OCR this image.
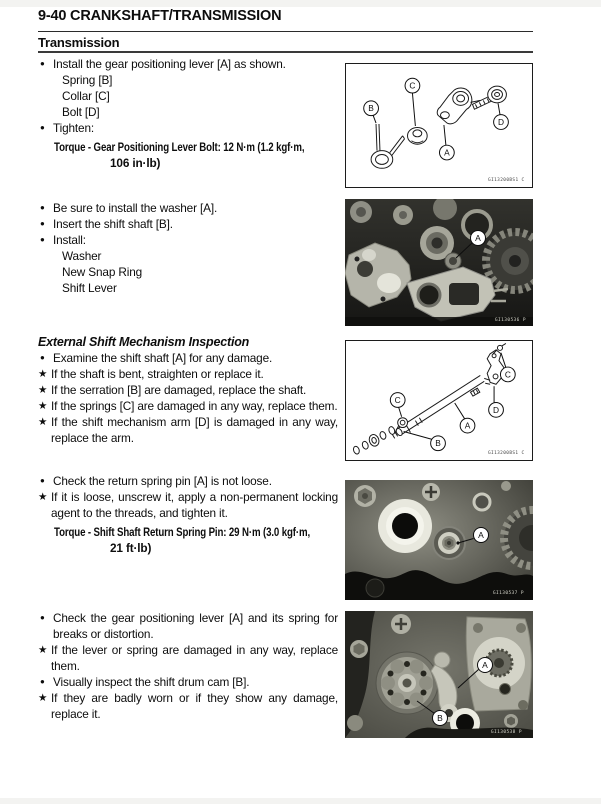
9-40 CRANKSHAFT/TRANSMISSION
Transmission
● Install the gear positioning lever [A] as shown.
Spring [B]
Collar [C]
Bolt [D]
● Tighten:
Torque - Gear Positioning Lever Bolt: 12 N·m (1.2 kgf·m,
106 in·lb)
● Be sure to install the washer [A].
● Insert the shift shaft [B].
● Install:
Washer
New Snap Ring
Shift Lever
External Shift Mechanism Inspection
● Examine the shift shaft [A] for any damage.
★ If the shaft is bent, straighten or replace it.
★ If the serration [B] are damaged, replace the shaft.
★ If the springs [C] are damaged in any way, replace them.
★ If the shift mechanism arm [D] is damaged in any way, replace the arm.
● Check the return spring pin [A] is not loose.
★ If it is loose, unscrew it, apply a non-permanent locking agent to the threads, and tighten it.
Torque - Shift Shaft Return Spring Pin: 29 N·m (3.0 kgf·m,
21 ft·lb)
● Check the gear positioning lever [A] and its spring for breaks or distortion.
★ If the lever or spring are damaged in any way, replace them.
● Visually inspect the shift drum cam [B].
★ If they are badly worn or if they show any damage, replace it.
B
C
A
D
GI13200BS1 C
A
GI130536 P
C
C
D
A
B
GI13200BS1 C
A
GI130537 P
A
B
GI130538 P
